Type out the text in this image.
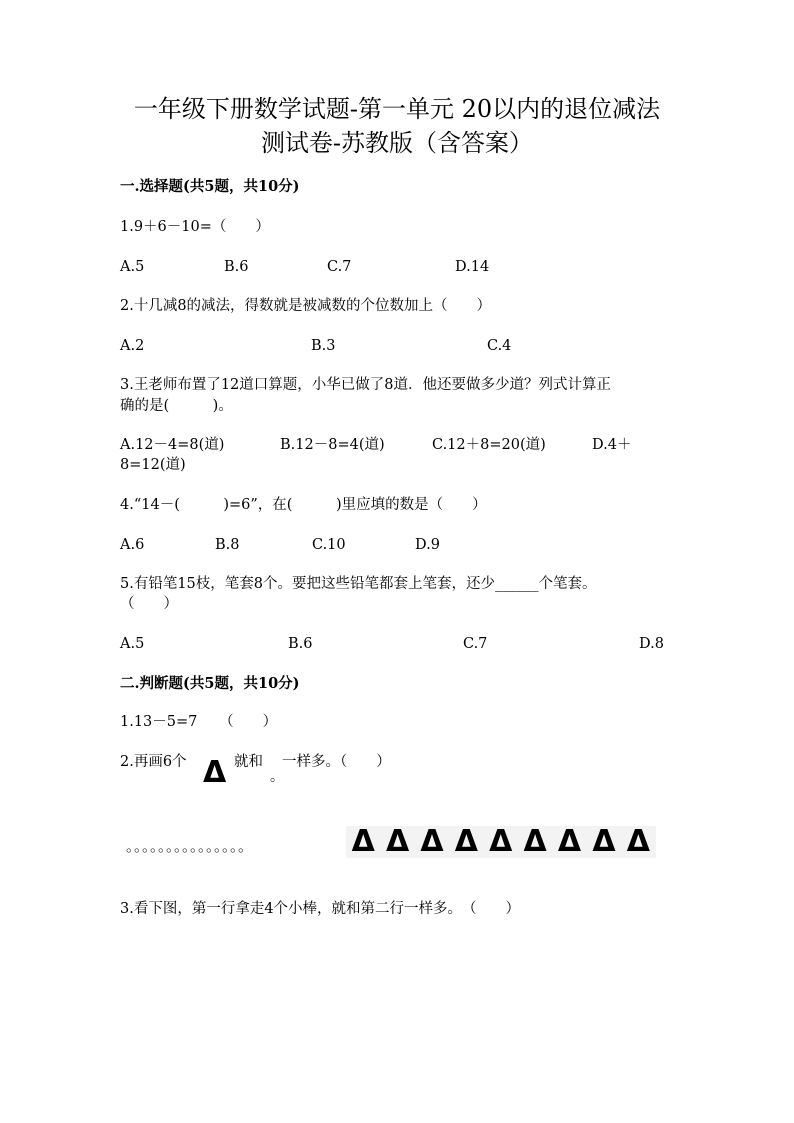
一年级下册数学试题-第一单元 20以内的退位减法
测试卷-苏教版（含答案）
一.选择题(共5题，共10分)
1.9＋6－10=（　　）
A.5	B.6	C.7	D.14
2.十几减8的减法，得数就是被减数的个位数加上（　　）
A.2	B.3	C.4
3.王老师布置了12道口算题，小华已做了8道．他还要做多少道？列式计算正
确的是(　　　)。
A.12－4=8(道)	B.12－8=4(道)	C.12＋8=20(道)	D.4＋
8=12(道)
4.“14－(　　　)=6”，在(　　　)里应填的数是（　　）
A.6	B.8	C.10	D.9
5.有铅笔15枝，笔套8个。要把这些铅笔都套上笔套，还少______个笔套。
（　　）
A.5	B.6	C.7	D.8
二.判断题(共5题，共10分)
1.13－5=7　　（　　）
2.再画6个 Δ 就和
。
一样多。（　　）
。。。。。。。。。。。。。。。	Δ Δ Δ Δ Δ Δ Δ Δ Δ
3.看下图，第一行拿走4个小棒，就和第二行一样多。　（　　）
